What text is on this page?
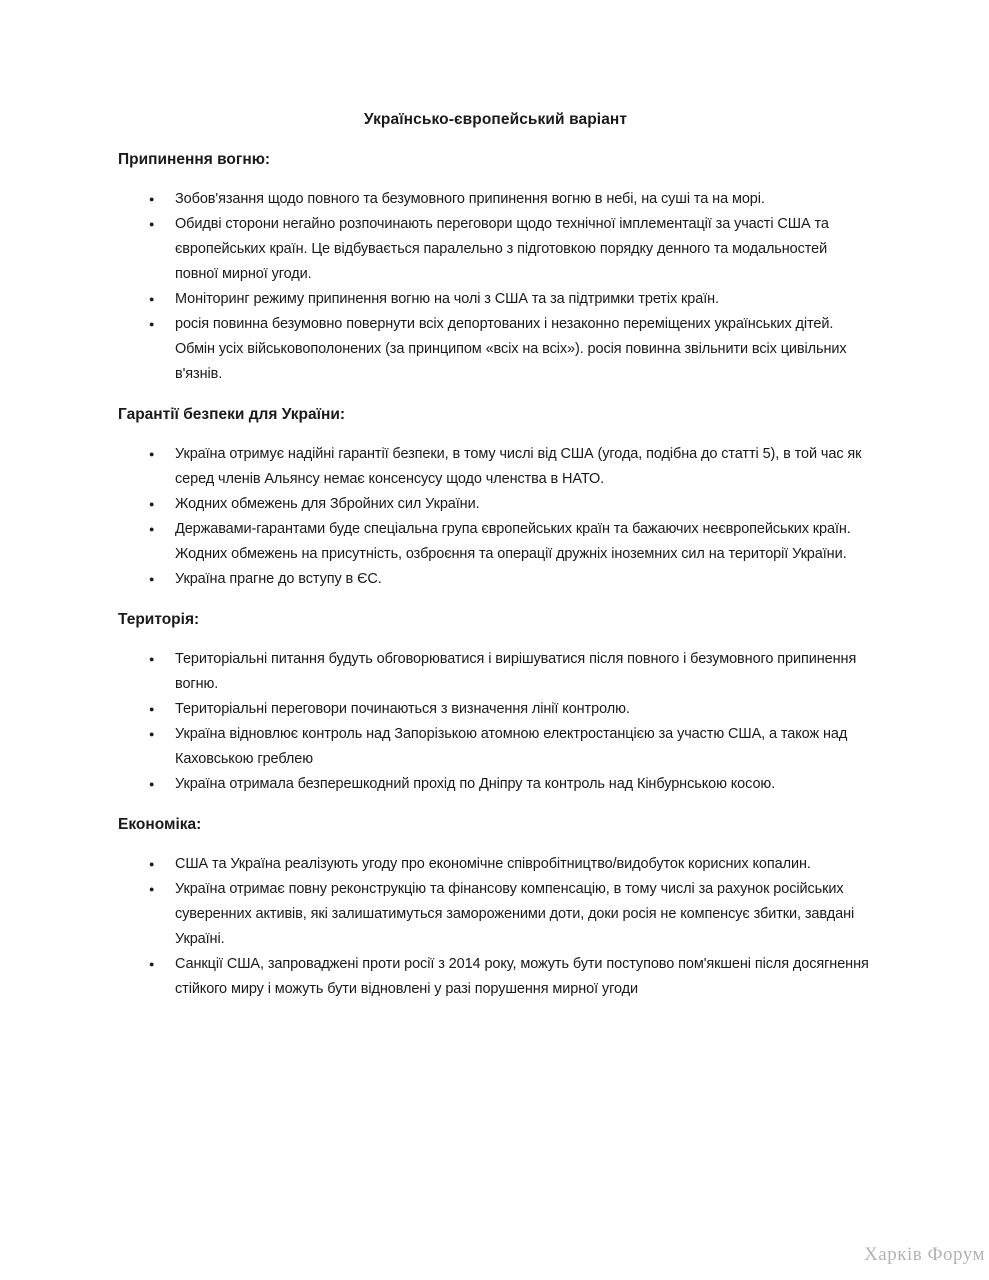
Українсько-європейський варіант
Припинення вогню:
● Зобов'язання щодо повного та безумовного припинення вогню в небі, на суші та на морі.
● Обидві сторони негайно розпочинають переговори щодо технічної імплементації за участі США та європейських країн. Це відбувається паралельно з підготовкою порядку денного та модальностей повної мирної угоди.
● Моніторинг режиму припинення вогню на чолі з США та за підтримки третіх країн.
● росія повинна безумовно повернути всіх депортованих і незаконно переміщених українських дітей. Обмін усіх військовополонених (за принципом «всіх на всіх»). росія повинна звільнити всіх цивільних в'язнів.
Гарантії безпеки для України:
● Україна отримує надійні гарантії безпеки, в тому числі від США (угода, подібна до статті 5), в той час як серед членів Альянсу немає консенсусу щодо членства в НАТО.
● Жодних обмежень для Збройних сил України.
● Державами-гарантами буде спеціальна група європейських країн та бажаючих неєвропейських країн. Жодних обмежень на присутність, озброєння та операції дружніх іноземних сил на території України.
● Україна прагне до вступу в ЄС.
Територія:
● Територіальні питання будуть обговорюватися і вирішуватися після повного і безумовного припинення вогню.
● Територіальні переговори починаються з визначення лінії контролю.
● Україна відновлює контроль над Запорізькою атомною електростанцією за участю США, а також над Каховською греблею
● Україна отримала безперешкодний прохід по Дніпру та контроль над Кінбурнською косою.
Економіка:
● США та Україна реалізують угоду про економічне співробітництво/видобуток корисних копалин.
● Україна отримає повну реконструкцію та фінансову компенсацію, в тому числі за рахунок російських суверенних активів, які залишатимуться замороженими доти, доки росія не компенсує збитки, завдані Україні.
● Санкції США, запроваджені проти росії з 2014 року, можуть бути поступово пом'якшені після досягнення стійкого миру і можуть бути відновлені у разі порушення мирної угоди
Харків Форум
